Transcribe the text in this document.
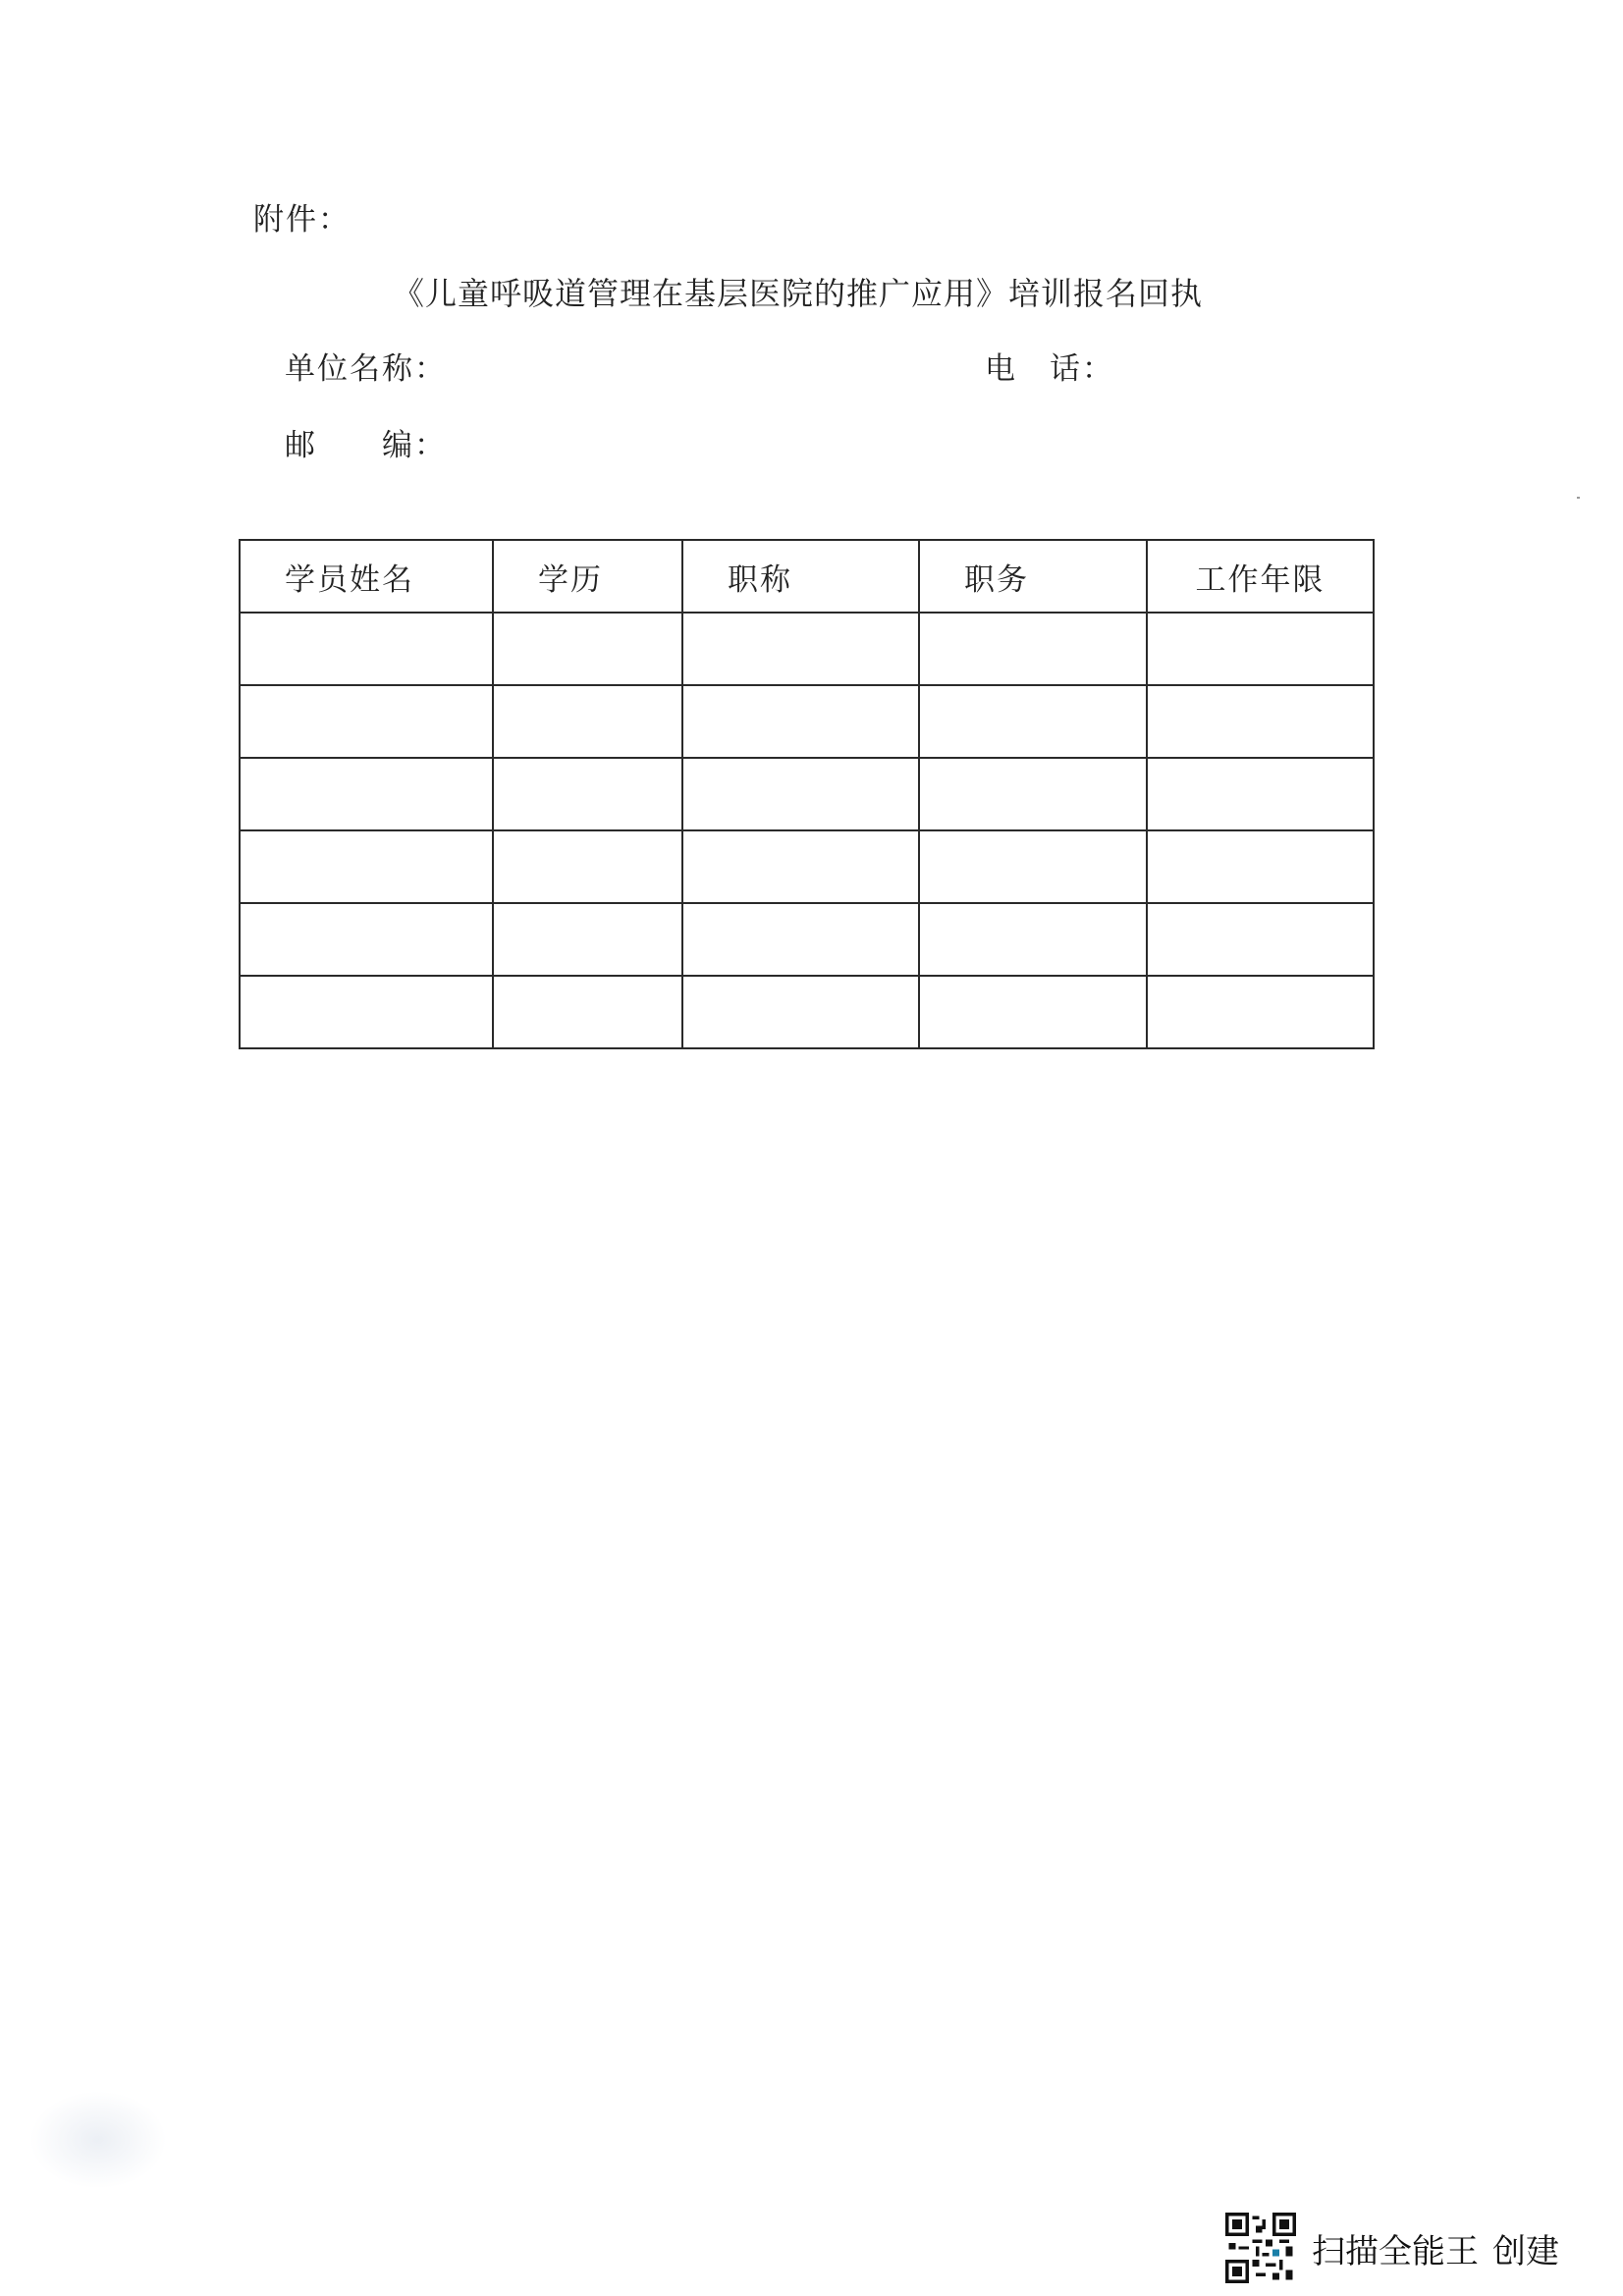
附件：
《儿童呼吸道管理在基层医院的推广应用》培训报名回执
单位名称：	电　话：
邮　　编：
学员姓名	学历	职称	职务	工作年限

扫描全能王 创建
